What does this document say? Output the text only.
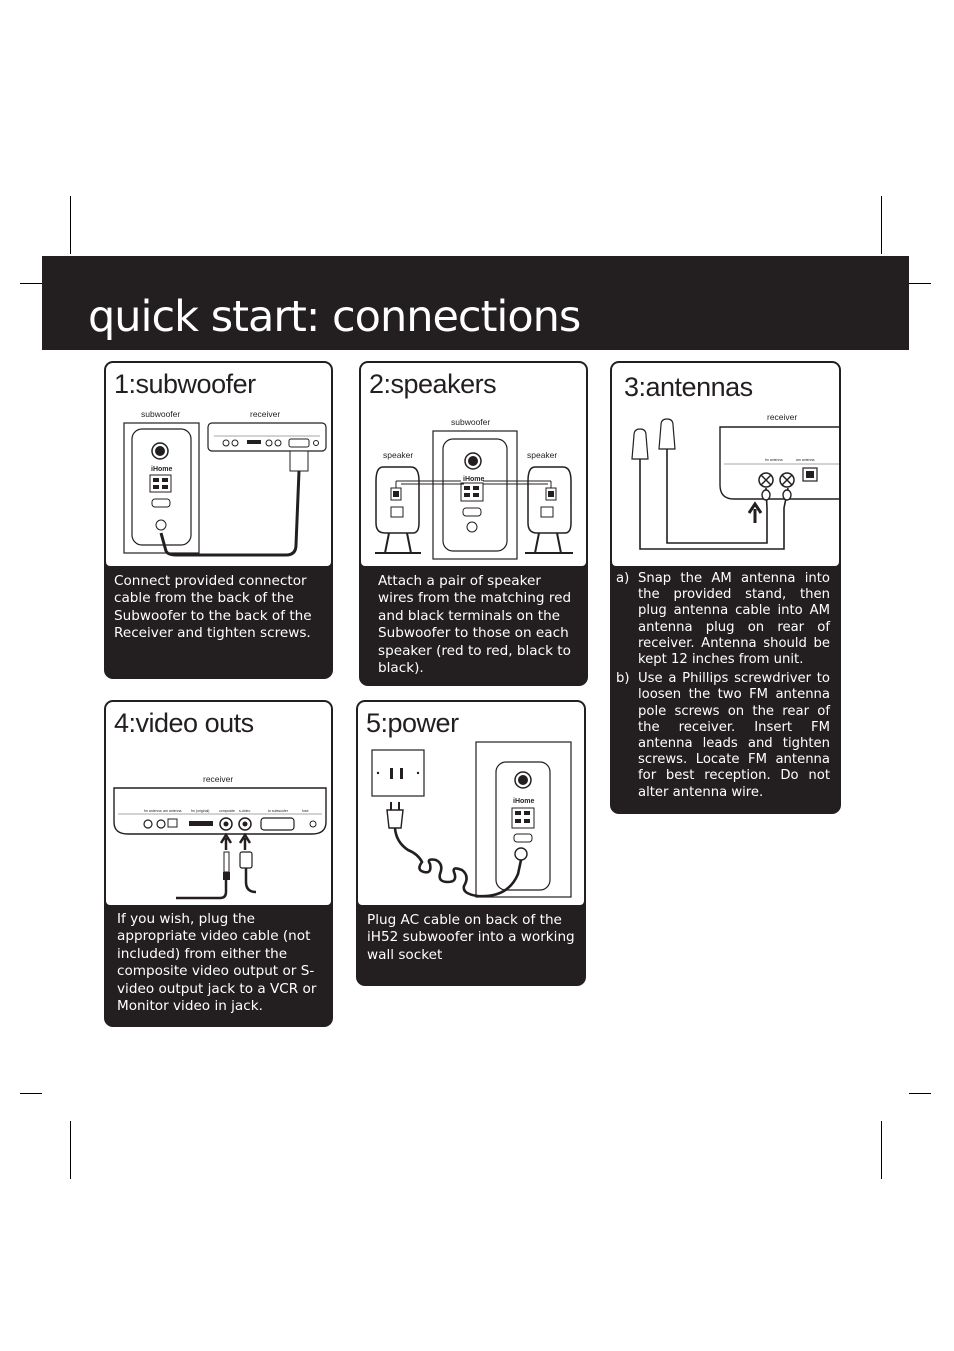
quick start: connections
1:subwoofer
subwoofer	receiver
iHome

Connect provided connector cable from the back of the Subwoofer to the back of the Receiver and tighten screws.

2:speakers
subwoofer
speaker	speaker
iHome

Attach a pair of speaker wires from the matching red and black terminals on the Subwoofer to those on each speaker (red to red, black to black).

3:antennas
receiver
fm antenna	am antenna
a) Snap the AM antenna into the provided stand, then plug antenna cable into AM antenna plug on rear of receiver. Antenna should be kept 12 inches from unit.
b) Use a Phillips screwdriver to loosen the two FM antenna pole screws on the rear of the receiver. Insert FM antenna leads and tighten screws. Locate FM antenna for best reception. Do not alter antenna wire.
4:video outs
receiver
fm antenna am antenna	fm (original)	composite s-video	to subwoofer	fuse

If you wish, plug the appropriate video cable (not included) from either the composite video output or S-video output jack to a VCR or Monitor video in jack.

5:power
iHome

Plug AC cable on back of the iH52 subwoofer into a working wall socket
